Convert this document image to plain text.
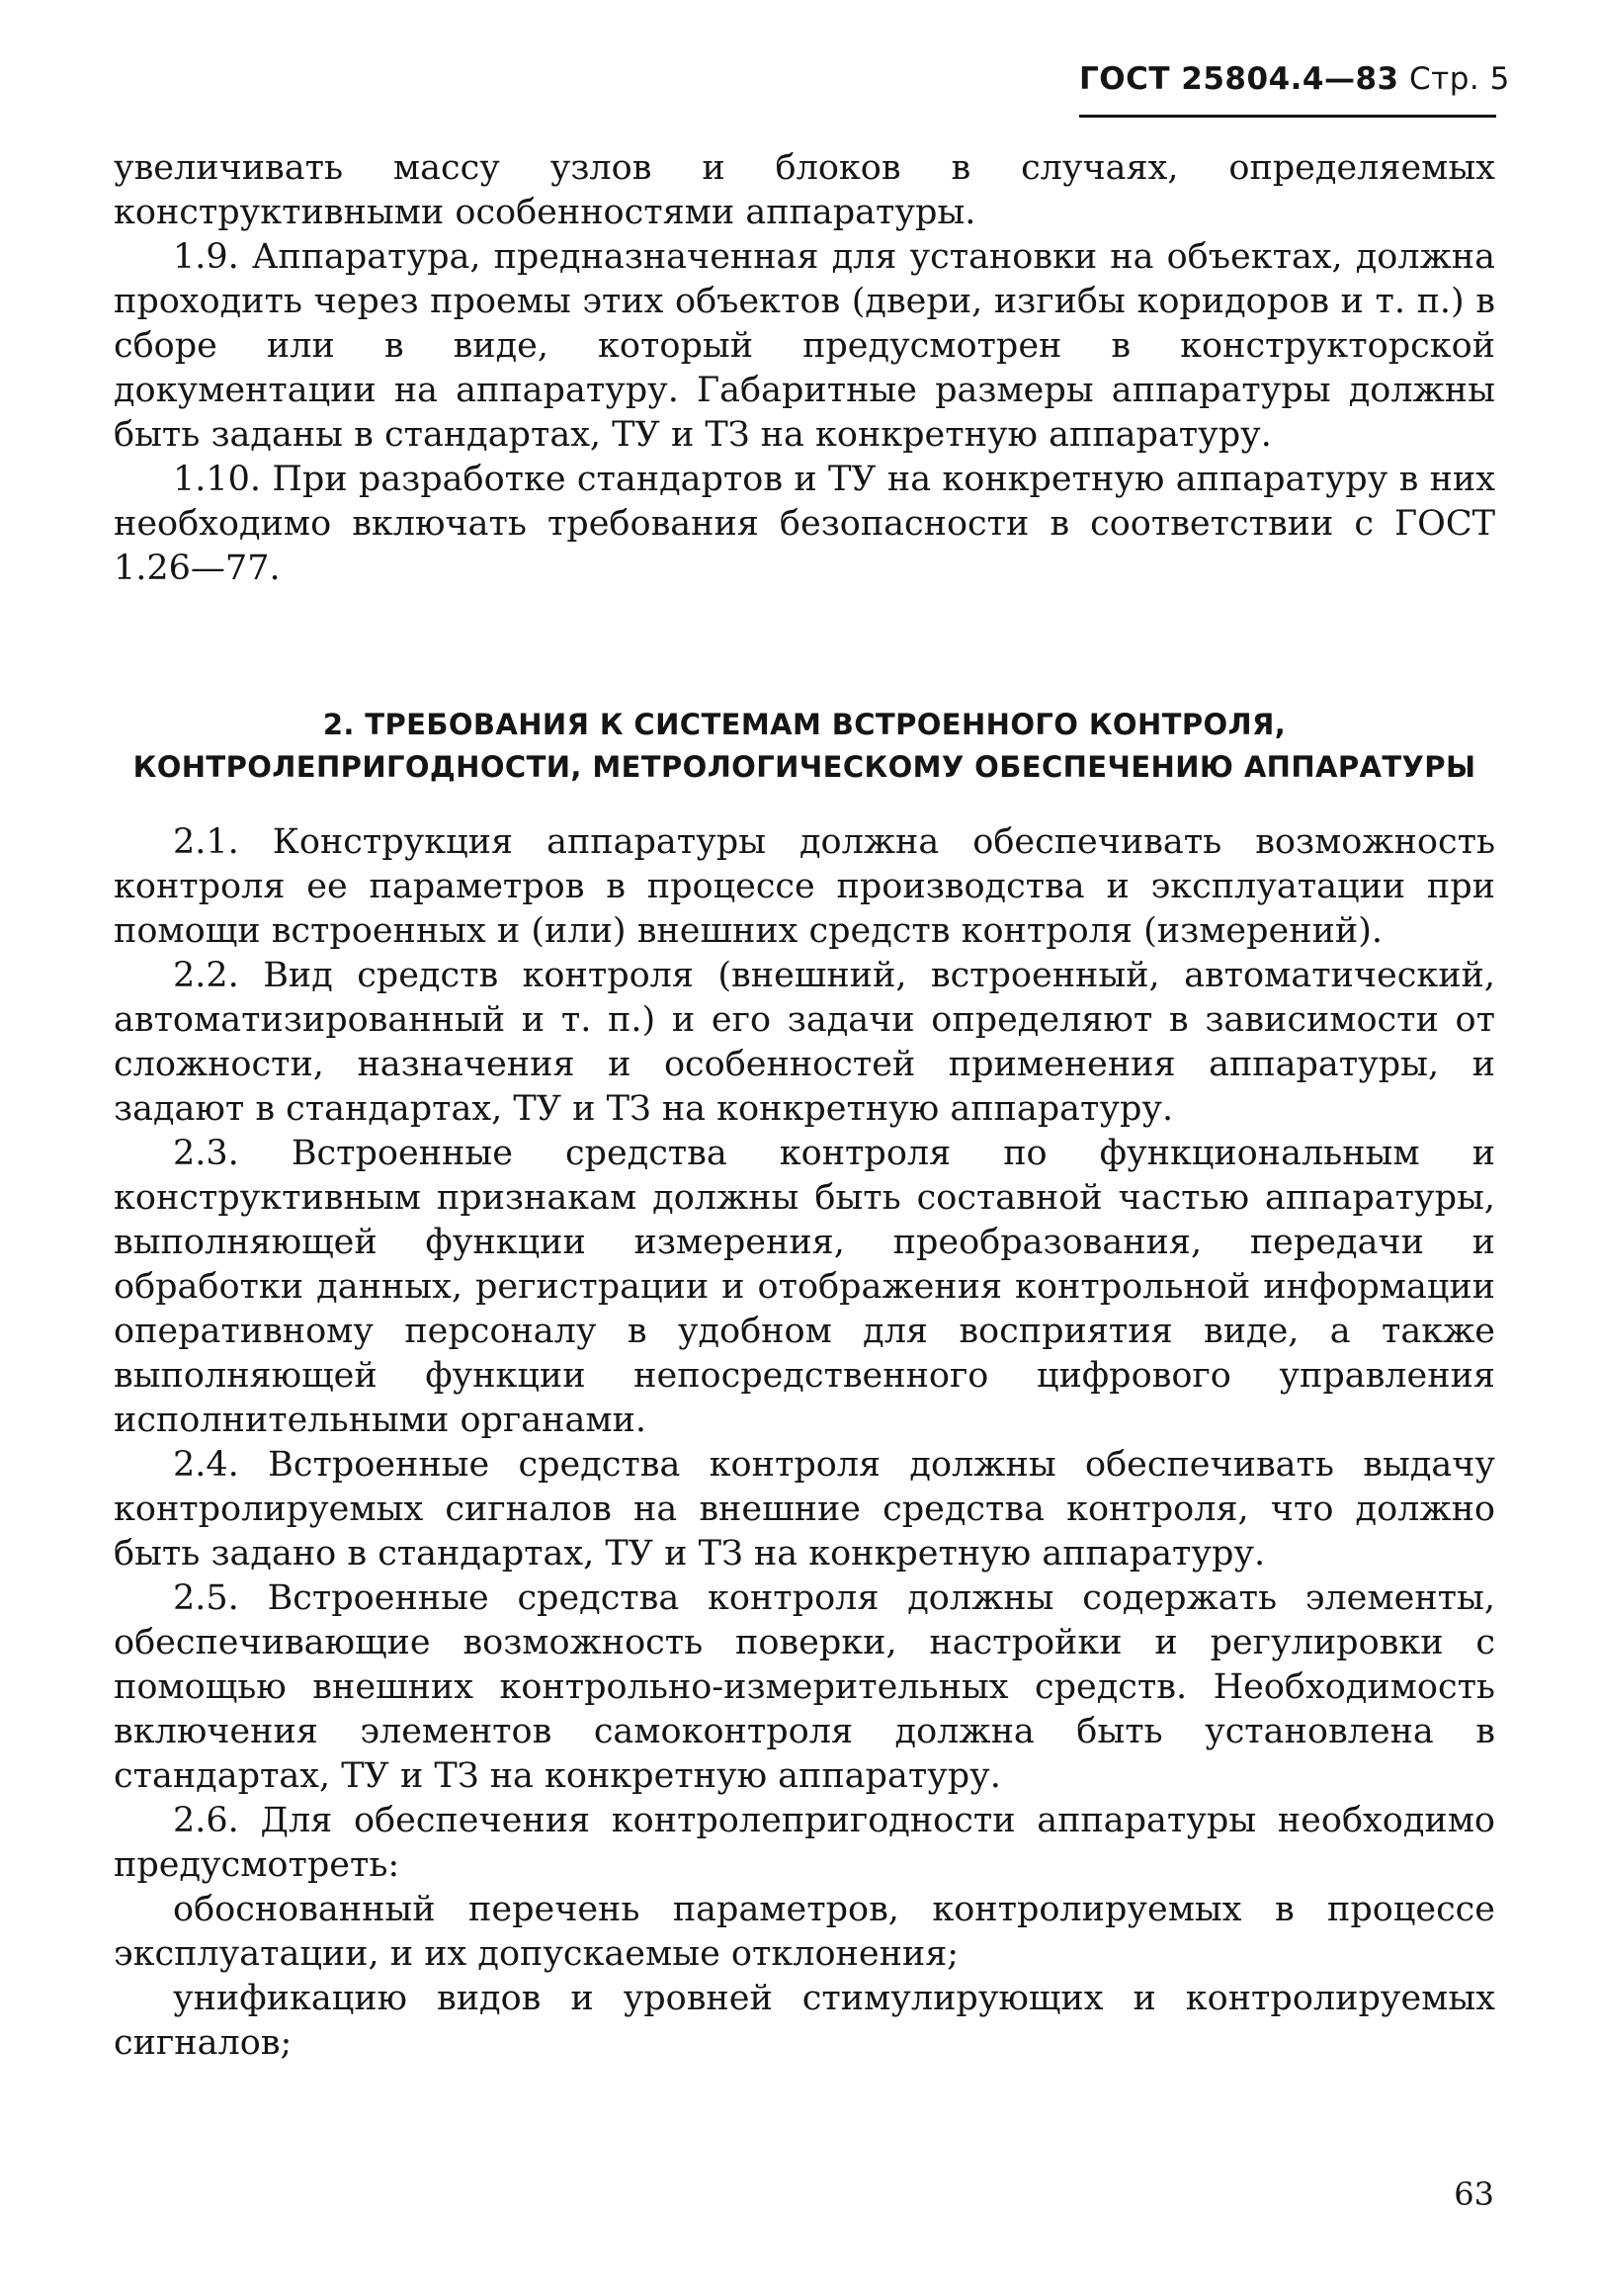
ГОСТ 25804.4—83 Стр. 5

увеличивать массу узлов и блоков в случаях, определяемых конструктивными особенностями аппаратуры.

1.9. Аппаратура, предназначенная для установки на объектах, должна проходить через проемы этих объектов (двери, изгибы коридоров и т. п.) в сборе или в виде, который предусмотрен в конструкторской документации на аппаратуру. Габаритные размеры аппаратуры должны быть заданы в стандартах, ТУ и ТЗ на конкретную аппаратуру.

1.10. При разработке стандартов и ТУ на конкретную аппаратуру в них необходимо включать требования безопасности в соответствии с ГОСТ 1.26—77.

2. ТРЕБОВАНИЯ К СИСТЕМАМ ВСТРОЕННОГО КОНТРОЛЯ,
КОНТРОЛЕПРИГОДНОСТИ, МЕТРОЛОГИЧЕСКОМУ ОБЕСПЕЧЕНИЮ АППАРАТУРЫ

2.1. Конструкция аппаратуры должна обеспечивать возможность контроля ее параметров в процессе производства и эксплуатации при помощи встроенных и (или) внешних средств контроля (измерений).

2.2. Вид средств контроля (внешний, встроенный, автоматический, автоматизированный и т. п.) и его задачи определяют в зависимости от сложности, назначения и особенностей применения аппаратуры, и задают в стандартах, ТУ и ТЗ на конкретную аппаратуру.

2.3. Встроенные средства контроля по функциональным и конструктивным признакам должны быть составной частью аппаратуры, выполняющей функции измерения, преобразования, передачи и обработки данных, регистрации и отображения контрольной информации оперативному персоналу в удобном для восприятия виде, а также выполняющей функции непосредственного цифрового управления исполнительными органами.

2.4. Встроенные средства контроля должны обеспечивать выдачу контролируемых сигналов на внешние средства контроля, что должно быть задано в стандартах, ТУ и ТЗ на конкретную аппаратуру.

2.5. Встроенные средства контроля должны содержать элементы, обеспечивающие возможность поверки, настройки и регулировки с помощью внешних контрольно-измерительных средств. Необходимость включения элементов самоконтроля должна быть установлена в стандартах, ТУ и ТЗ на конкретную аппаратуру.

2.6. Для обеспечения контролепригодности аппаратуры необходимо предусмотреть:

обоснованный перечень параметров, контролируемых в процессе эксплуатации, и их допускаемые отклонения;

унификацию видов и уровней стимулирующих и контролируемых сигналов;

63
